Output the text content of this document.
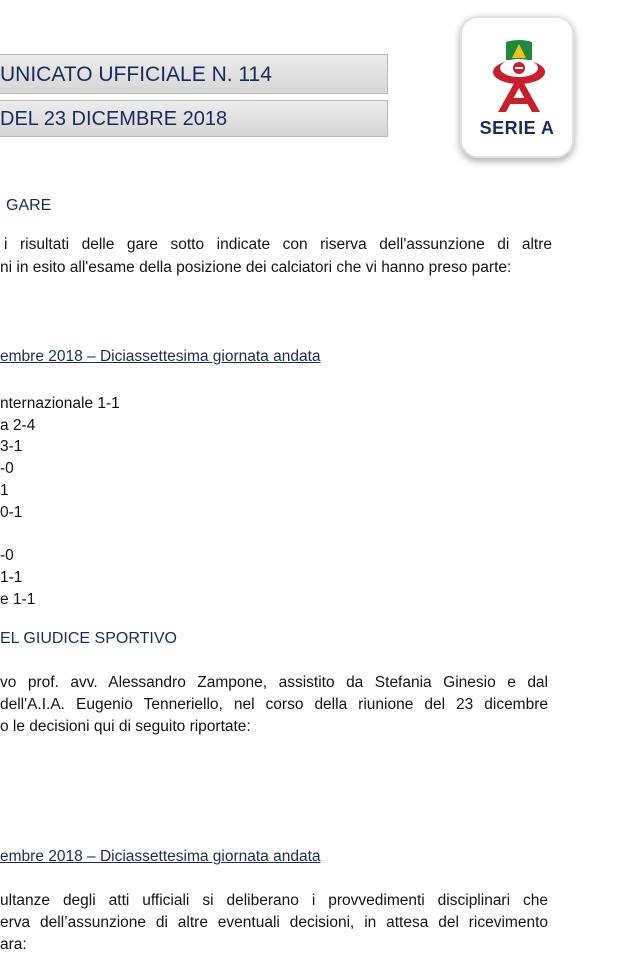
UNICATO UFFICIALE N. 114
DEL 23 DICEMBRE 2018	SERIE A
GARE
i risultati delle gare sotto indicate con riserva dell'assunzione di altre
ni in esito all'esame della posizione dei calciatori che vi hanno preso parte:
embre 2018 – Diciassettesima giornata andata
nternazionale 1-1
a 2-4
3-1
-0
1
0-1
-0
1-1
e 1-1
EL GIUDICE SPORTIVO
vo prof. avv. Alessandro Zampone, assistito da Stefania Ginesio e dal
dell'A.I.A. Eugenio Tenneriello, nel corso della riunione del 23 dicembre
o le decisioni qui di seguito riportate:
embre 2018 – Diciassettesima giornata andata
ultanze degli atti ufficiali si deliberano i provvedimenti disciplinari che
erva dell’assunzione di altre eventuali decisioni, in attesa del ricevimento
ara:
